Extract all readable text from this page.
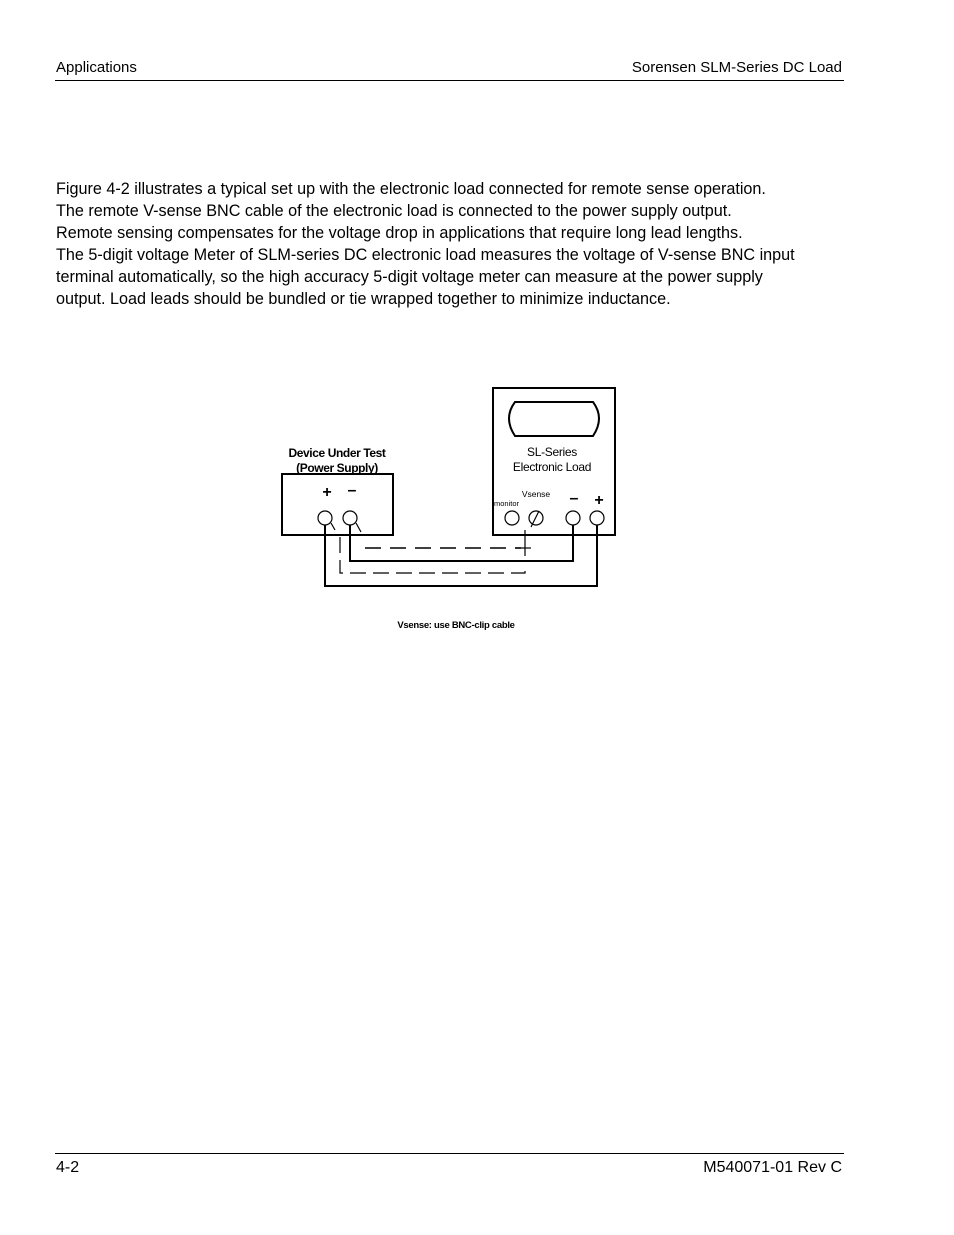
Applications	Sorensen SLM-Series DC Load

Figure 4-2 illustrates a typical set up with the electronic load connected for remote sense operation.

The remote V-sense BNC cable of the electronic load is connected to the power supply output.

Remote sensing compensates for the voltage drop in applications that require long lead lengths.

The 5-digit voltage Meter of SLM-series DC electronic load measures the voltage of V-sense BNC input

terminal automatically, so the high accuracy 5-digit voltage meter can measure at the power supply

output. Load leads should be bundled or tie wrapped together to minimize inductance.

Device Under Test
(Power Supply)
+ –
SL-Series
Electronic Load
Vsense
monitor	– +
Vsense: use BNC-clip cable
4-2	M540071-01 Rev C
